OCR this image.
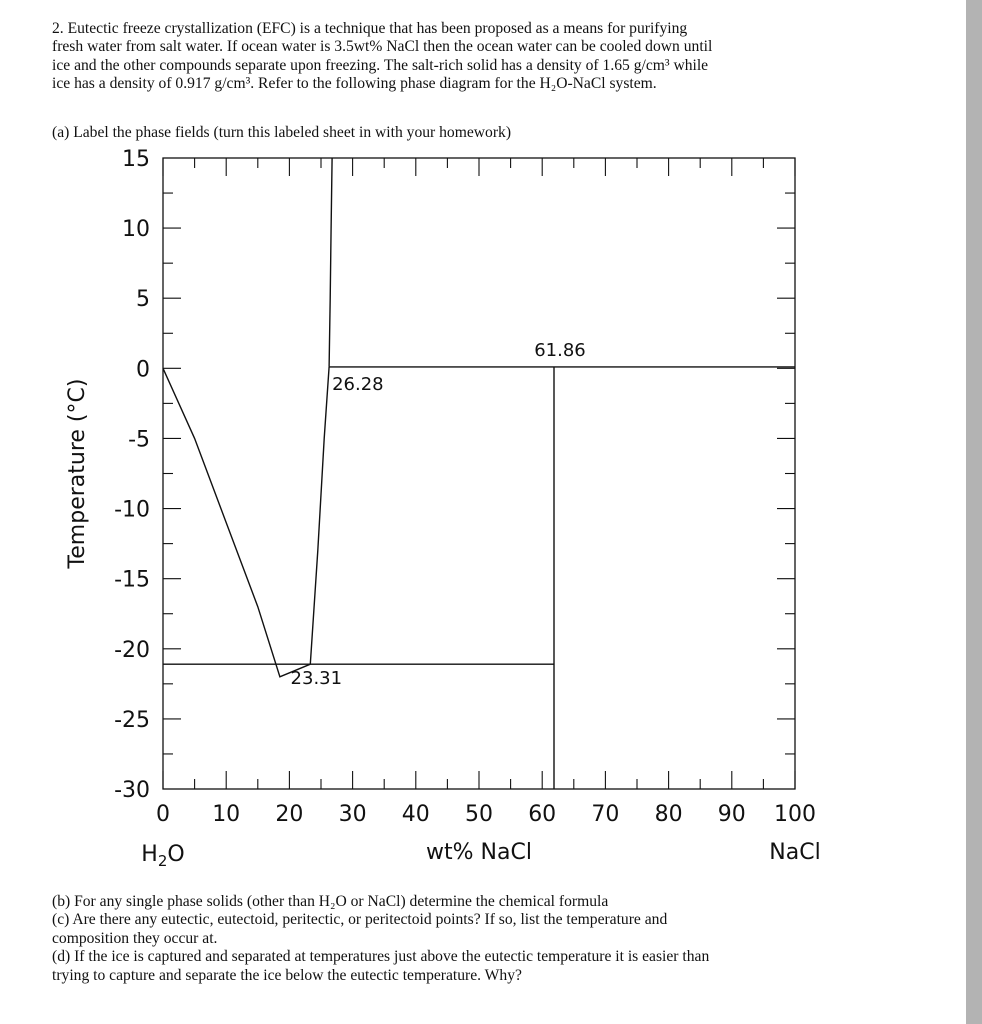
2. Eutectic freeze crystallization (EFC) is a technique that has been proposed as a means for purifying
fresh water from salt water. If ocean water is 3.5wt% NaCl then the ocean water can be cooled down until
ice and the other compounds separate upon freezing. The salt-rich solid has a density of 1.65 g/cm³ while
ice has a density of 0.917 g/cm³. Refer to the following phase diagram for the H₂O-NaCl system.
(a) Label the phase fields (turn this labeled sheet in with your homework)
0 10 20 30 40 50 60 70 80 90 100
15
10
5
0
-5
-10
-15
-20
-25
-30
wt% NaCl
Temperature (°C)
$H_2O$	NaCl
26.28
61.86
23.31
(b) For any single phase solids (other than H₂O or NaCl) determine the chemical formula
(c) Are there any eutectic, eutectoid, peritectic, or peritectoid points? If so, list the temperature and
composition they occur at.
(d) If the ice is captured and separated at temperatures just above the eutectic temperature it is easier than
trying to capture and separate the ice below the eutectic temperature. Why?
